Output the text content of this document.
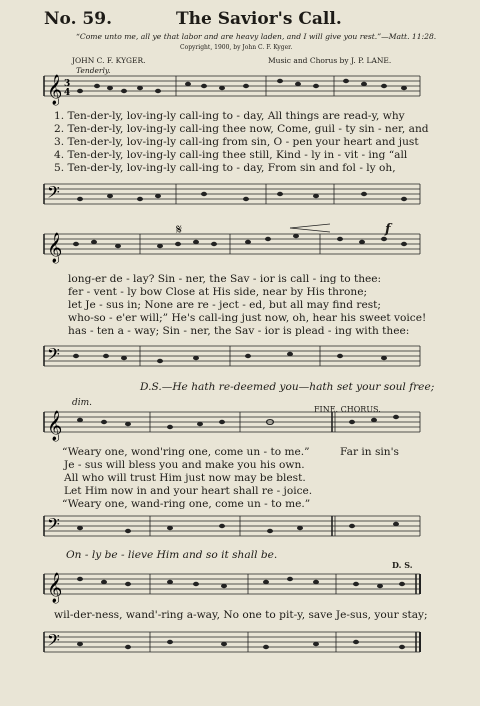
No. 59.	The Savior's Call.
“Come unto me, all ye that labor and are heavy laden, and I will give you rest.”—Matt. 11:28.
Copyright, 1900, by John C. F. Kyger.
JOHN C. F. KYGER.	Music and Chorus by J. P. LANE.
Tenderly.
𝄞 3
4
1. Ten-der-ly, lov-ing-ly call-ing to - day, All things are read-y, why
2. Ten-der-ly, lov-ing-ly call-ing thee now, Come, guil - ty sin - ner, and
3. Ten-der-ly, lov-ing-ly call-ing from sin, O - pen your heart and just
4. Ten-der-ly, lov-ing-ly call-ing thee still, Kind - ly in - vit - ing “all
5. Ten-der-ly, lov-ing-ly call-ing to - day, From sin and fol - ly oh,
𝄢
𝄋	f
𝄞
long-er de - lay? Sin - ner, the Sav - ior is call - ing to thee:
fer - vent - ly bow Close at His side, near by His throne;
let Je - sus in; None are re - ject - ed, but all may find rest;
who-so - e'er will;” He's call-ing just now, oh, hear his sweet voice!
has - ten a - way; Sin - ner, the Sav - ior is plead - ing with thee:
𝄢
D.S.—He hath re-deemed you—hath set your soul free;
dim.
FINE. CHORUS.
𝄞
“Weary one, wond'ring one, come un - to me.”	Far in sin's
Je - sus will bless you and make you his own.
All who will trust Him just now may be blest.
Let Him now in and your heart shall re - joice.
“Weary one, wand-ring one, come un - to me.”
𝄢
On - ly be - lieve Him and so it shall be.
D. S.
𝄞
wil-der-ness, wand'-ring a-way, No one to pit-y, save Je-sus, your stay;
𝄢
